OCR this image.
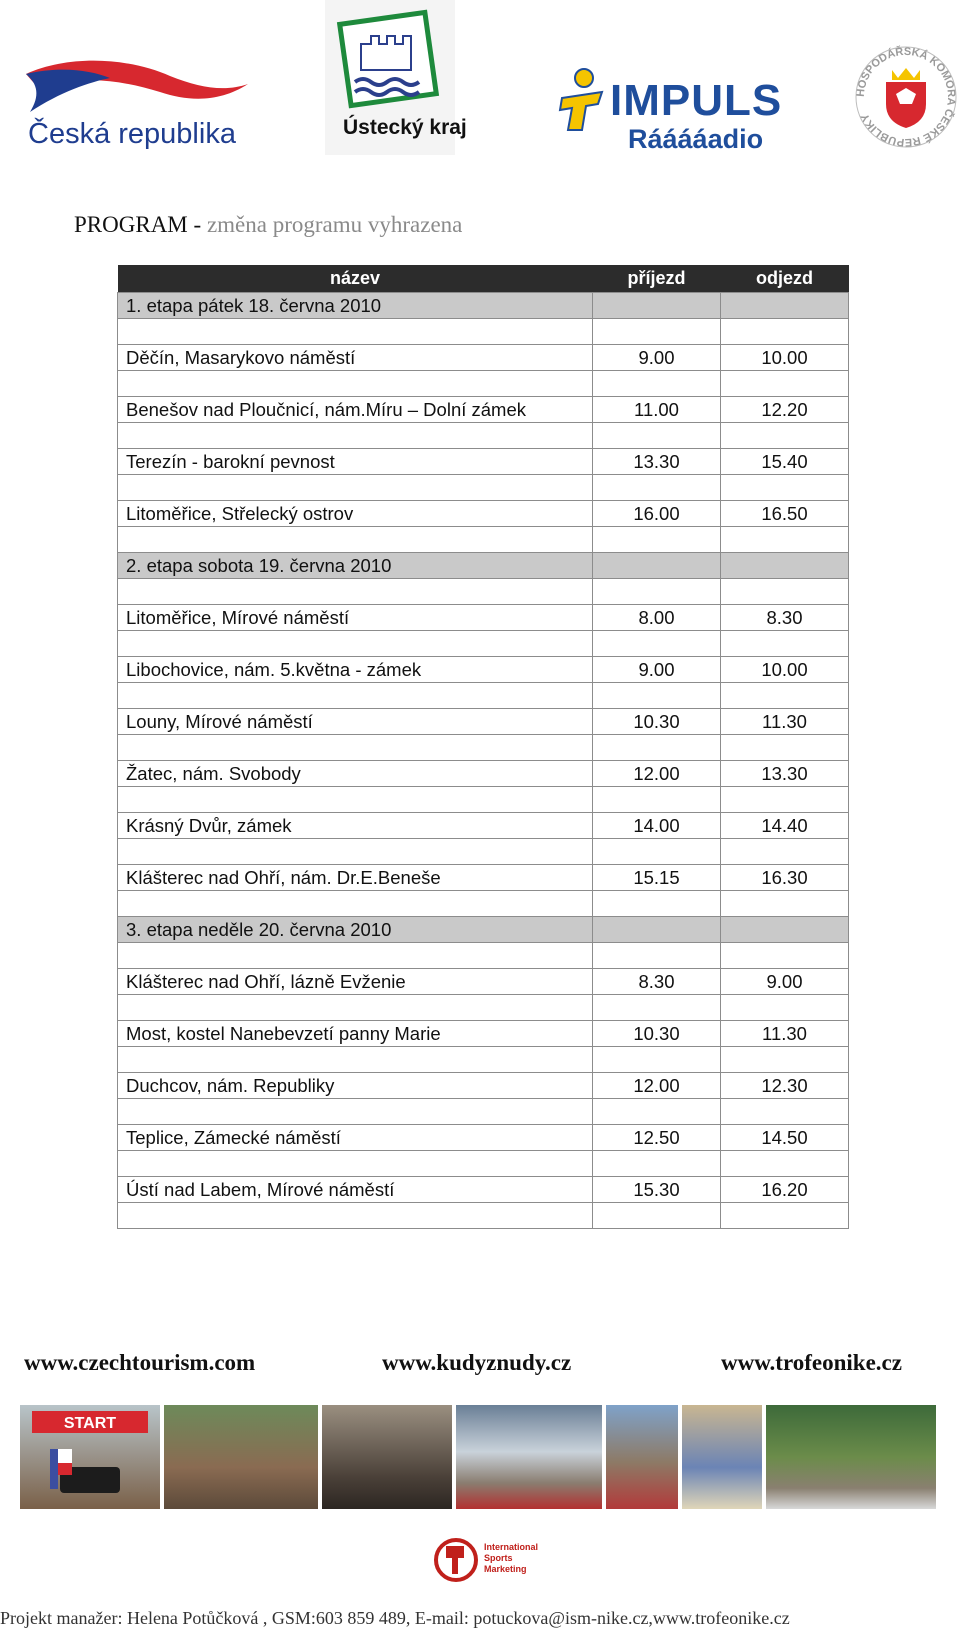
Česká republika	Ústecký kraj
IMPULS
Rááááadio
HOSPODÁŘSKÁ KOMORA ČESKÉ REPUBLIKY
PROGRAM - změna programu vyhrazena
název	příjezd	odjezd
1. etapa pátek 18. června 2010		

Děčín, Masarykovo náměstí	9.00	10.00

Benešov nad Ploučnicí, nám.Míru – Dolní zámek	11.00	12.20

Terezín - barokní pevnost	13.30	15.40

Litoměřice, Střelecký ostrov	16.00	16.50

2. etapa sobota 19. června 2010		

Litoměřice, Mírové náměstí	8.00	8.30

Libochovice, nám. 5.května - zámek	9.00	10.00

Louny, Mírové náměstí	10.30	11.30

Žatec, nám. Svobody	12.00	13.30

Krásný Dvůr, zámek	14.00	14.40

Klášterec nad Ohří, nám. Dr.E.Beneše	15.15	16.30

3. etapa neděle 20. června 2010		

Klášterec nad Ohří, lázně Evženie	8.30	9.00

Most, kostel Nanebevzetí panny Marie	10.30	11.30

Duchcov, nám. Republiky	12.00	12.30

Teplice, Zámecké náměstí	12.50	14.50

Ústí nad Labem, Mírové náměstí	15.30	16.20

www.czechtourism.com	www.kudyznudy.cz	www.trofeonike.cz
START
International
Sports
Marketing
Projekt manažer: Helena Potůčková , GSM:603 859 489, E-mail: potuckova@ism-nike.cz,www.trofeonike.cz
